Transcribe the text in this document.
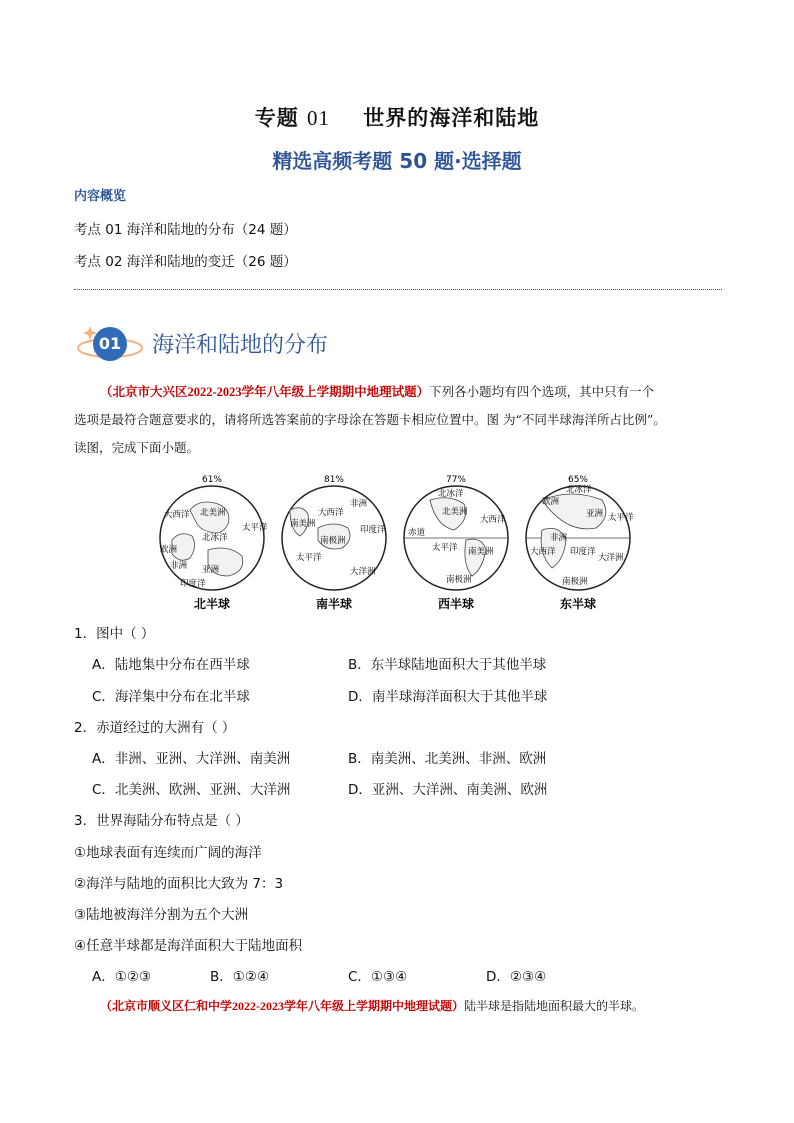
专题 01 世界的海洋和陆地
精选高频考题 50 题·选择题
内容概览
考点 01 海洋和陆地的分布（24 题）
考点 02 海洋和陆地的变迁（26 题）
01 海洋和陆地的分布
（北京市大兴区2022-2023学年八年级上学期期中地理试题）下列各小题均有四个选项，其中只有一个
选项是最符合题意要求的，请将所选答案前的字母涂在答题卡相应位置中。图 为“不同半球海洋所占比例”。
读图，完成下面小题。
61%
大西洋 北美洲
北冰洋
太平洋
欧洲
非洲 亚洲
印度洋
北半球
81%
大西洋
南美洲
非洲
印度洋
南极洲
太平洋
大洋洲
南半球
77%
北冰洋
北美洲
大西洋
赤道
太平洋 南美洲
南极洲
西半球
65%
北冰洋
欧洲
亚洲 太平洋
非洲
大西洋 印度洋
大洋洲
南极洲
东半球
1．图中（ ）
A．陆地集中分布在西半球	B．东半球陆地面积大于其他半球
C．海洋集中分布在北半球	D．南半球海洋面积大于其他半球
2．赤道经过的大洲有（ ）
A．非洲、亚洲、大洋洲、南美洲	B．南美洲、北美洲、非洲、欧洲
C．北美洲、欧洲、亚洲、大洋洲	D．亚洲、大洋洲、南美洲、欧洲
3．世界海陆分布特点是（ ）
①地球表面有连续而广阔的海洋
②海洋与陆地的面积比大致为 7：3
③陆地被海洋分割为五个大洲
④任意半球都是海洋面积大于陆地面积
A．①②③	B．①②④	C．①③④	D．②③④
（北京市顺义区仁和中学2022-2023学年八年级上学期期中地理试题）陆半球是指陆地面积最大的半球。
